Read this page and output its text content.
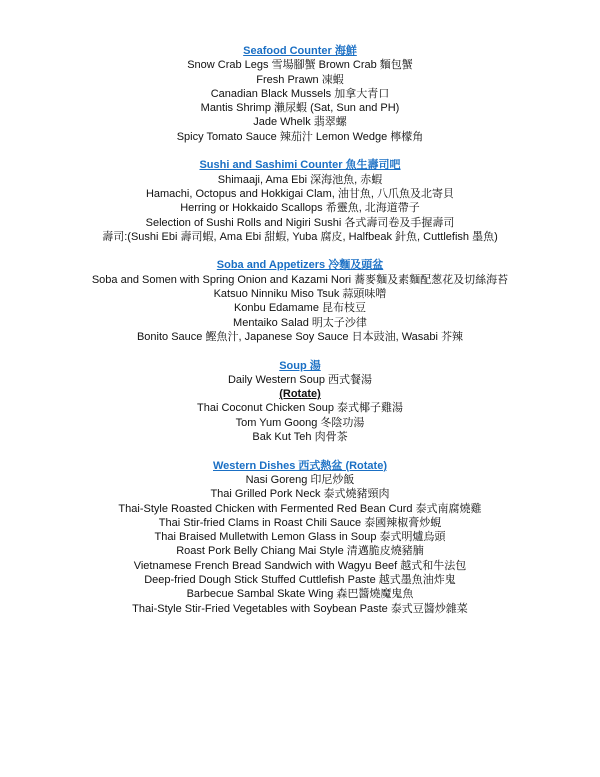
Seafood Counter 海鮮
Snow Crab Legs 雪場腳蟹 Brown Crab 麵包蟹
Fresh Prawn 凍蝦
Canadian Black Mussels 加拿大青口
Mantis Shrimp 瀨尿蝦 (Sat, Sun and PH)
Jade Whelk 翡翠螺
Spicy Tomato Sauce 辣茄汁 Lemon Wedge 檸檬角
Sushi and Sashimi Counter 魚生壽司吧
Shimaaji, Ama Ebi 深海池魚, 赤蝦
Hamachi, Octopus and Hokkigai Clam, 油甘魚, 八爪魚及北寄貝
Herring or Hokkaido Scallops 希靈魚, 北海道帶子
Selection of Sushi Rolls and Nigiri Sushi 各式壽司卷及手握壽司
壽司:(Sushi Ebi 壽司蝦, Ama Ebi 甜蝦, Yuba 腐皮, Halfbeak 針魚, Cuttlefish 墨魚)
Soba and Appetizers 冷麵及頭盆
Soba and Somen with Spring Onion and Kazami Nori 蕎麥麵及素麵配葱花及切絲海苔
Katsuo Ninniku Miso Tsuk 蒜頭味噌
Konbu Edamame 昆布枝豆
Mentaiko Salad 明太子沙律
Bonito Sauce 鰹魚汁, Japanese Soy Sauce 日本豉油, Wasabi 芥辣
Soup 湯
Daily Western Soup 西式餐湯
(Rotate)
Thai Coconut Chicken Soup 泰式椰子雞湯
Tom Yum Goong 冬陰功湯
Bak Kut Teh 肉骨茶
Western Dishes 西式熱盆 (Rotate)
Nasi Goreng 印尼炒飯
Thai Grilled Pork Neck 泰式燒豬頸肉
Thai-Style Roasted Chicken with Fermented Red Bean Curd 泰式南腐燒雞
Thai Stir-fried Clams in Roast Chili Sauce 泰國辣椒膏炒蜆
Thai Braised Mulletwith Lemon Glass in Soup 泰式明爐烏頭
Roast Pork Belly Chiang Mai Style 清邁脆皮燒豬腩
Vietnamese French Bread Sandwich with Wagyu Beef 越式和牛法包
Deep-fried Dough Stick Stuffed Cuttlefish Paste 越式墨魚油炸鬼
Barbecue Sambal Skate Wing 森巴醬燒魔鬼魚
Thai-Style Stir-Fried Vegetables with Soybean Paste 泰式豆醬炒雜菜
